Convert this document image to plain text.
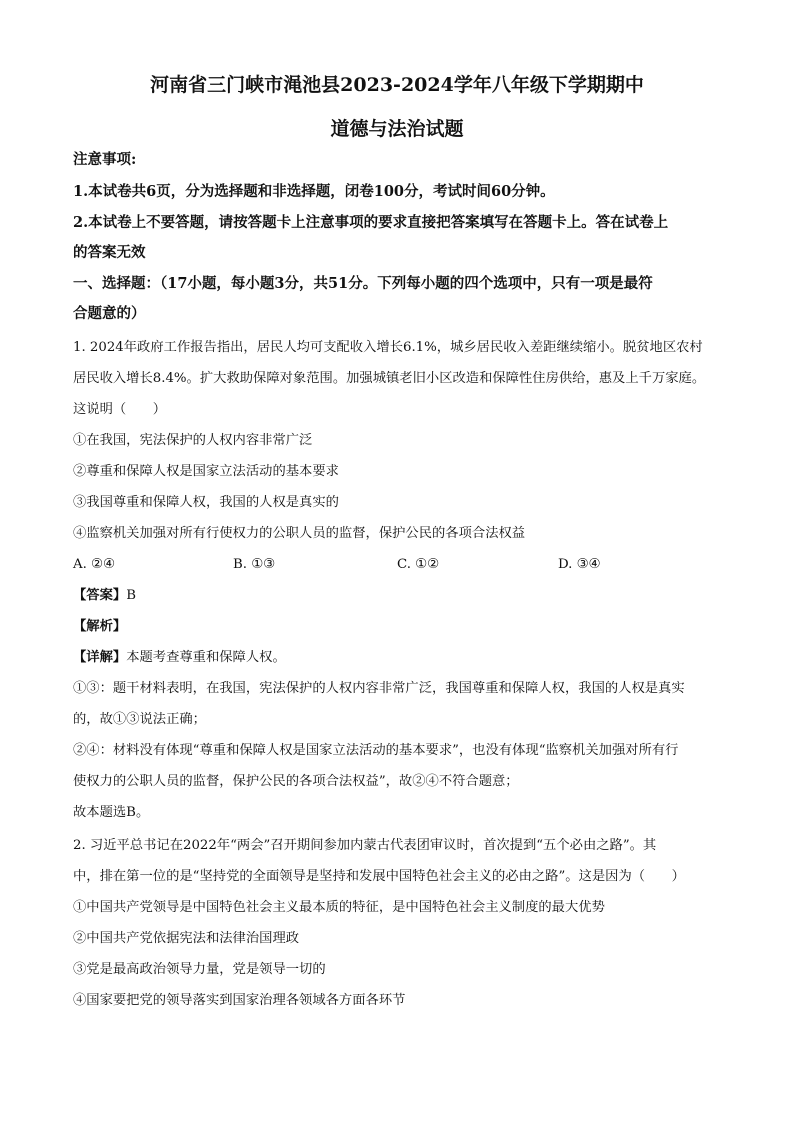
河南省三门峡市渑池县2023-2024学年八年级下学期期中
道德与法治试题
注意事项:
1.本试卷共6页，分为选择题和非选择题，闭卷100分，考试时间60分钟。
2.本试卷上不要答题，请按答题卡上注意事项的要求直接把答案填写在答题卡上。答在试卷上
的答案无效
一、选择题：（17小题，每小题3分，共51分。下列每小题的四个选项中，只有一项是最符
合题意的）
1. 2024年政府工作报告指出，居民人均可支配收入增长6.1%，城乡居民收入差距继续缩小。脱贫地区农村
居民收入增长8.4%。扩大救助保障对象范围。加强城镇老旧小区改造和保障性住房供给，惠及上千万家庭。
这说明（　　）
①在我国，宪法保护的人权内容非常广泛
②尊重和保障人权是国家立法活动的基本要求
③我国尊重和保障人权，我国的人权是真实的
④监察机关加强对所有行使权力的公职人员的监督，保护公民的各项合法权益
A. ②④	B. ①③	C. ①②	D. ③④
【答案】B
【解析】
【详解】本题考查尊重和保障人权。
①③：题干材料表明，在我国，宪法保护的人权内容非常广泛，我国尊重和保障人权，我国的人权是真实
的，故①③说法正确；
②④：材料没有体现“尊重和保障人权是国家立法活动的基本要求”，也没有体现“监察机关加强对所有行
使权力的公职人员的监督，保护公民的各项合法权益”，故②④不符合题意；
故本题选B。
2. 习近平总书记在2022年“两会”召开期间参加内蒙古代表团审议时，首次提到“五个必由之路”。其
中，排在第一位的是“坚持党的全面领导是坚持和发展中国特色社会主义的必由之路”。这是因为（　　）
①中国共产党领导是中国特色社会主义最本质的特征，是中国特色社会主义制度的最大优势
②中国共产党依据宪法和法律治国理政
③党是最高政治领导力量，党是领导一切的
④国家要把党的领导落实到国家治理各领域各方面各环节
